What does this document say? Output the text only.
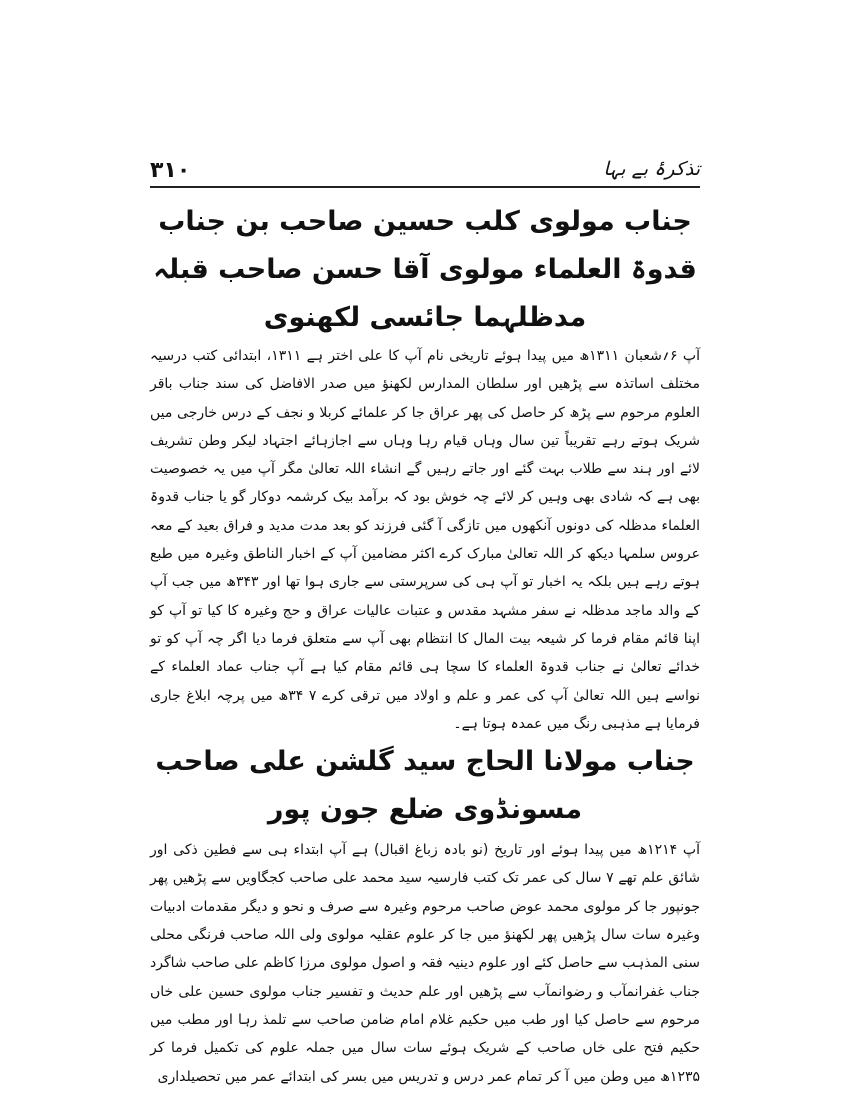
تذکرۂ بے بہا
۳۱۰
جناب مولوی کلب حسین صاحب بن جناب قدوۃ العلماء مولوی آقا حسن صاحب قبلہ مدظلہما جائسی لکھنوی

آپ ۶؍شعبان ۱۳۱۱ھ میں پیدا ہوئے تاریخی نام آپ کا علی اختر ہے ۱۳۱۱، ابتدائی کتب درسیہ مختلف اساتذہ سے پڑھیں اور سلطان المدارس لکھنؤ میں صدر الافاضل کی سند جناب باقر العلوم مرحوم سے پڑھ کر حاصل کی پھر عراق جا کر علمائے کربلا و نجف کے درس خارجی میں شریک ہوتے رہے تقریباً تین سال وہاں قیام رہا وہاں سے اجازہائے اجتہاد لیکر وطن تشریف لائے اور ہند سے طلاب بہت گئے اور جاتے رہیں گے انشاء اللہ تعالیٰ مگر آپ میں یہ خصوصیت بھی ہے کہ شادی بھی وہیں کر لائے چہ خوش بود کہ برآمد بیک کرشمہ دوکار گو یا جناب قدوۃ العلماء مدظلہ کی دونوں آنکھوں میں تازگی آ گئی فرزند کو بعد مدت مدید و فراق بعید کے معہ عروس سلمہا دیکھ کر اللہ تعالیٰ مبارک کرے اکثر مضامین آپ کے اخبار الناطق وغیرہ میں طبع ہوتے رہے ہیں بلکہ یہ اخبار تو آپ ہی کی سرپرستی سے جاری ہوا تھا اور ۳۴۳ھ میں جب آپ کے والد ماجد مدظلہ نے سفر مشہد مقدس و عتبات عالیات عراق و حج وغیرہ کا کیا تو آپ کو اپنا قائم مقام فرما کر شیعہ بیت المال کا انتظام بھی آپ سے متعلق فرما دیا اگر چہ آپ کو تو خدائے تعالیٰ نے جناب قدوۃ العلماء کا سچا ہی قائم مقام کیا ہے آپ جناب عماد العلماء کے نواسے ہیں اللہ تعالیٰ آپ کی عمر و علم و اولاد میں ترقی کرے ۷ ۳۴ھ میں پرچہ ابلاغ جاری فرمایا ہے مذہبی رنگ میں عمدہ ہوتا ہے۔

جناب مولانا الحاج سید گلشن علی صاحب مسونڈوی ضلع جون پور

آپ ۱۲۱۴ھ میں پیدا ہوئے اور تاریخ (نو بادہ زباغ اقبال) ہے آپ ابتداء ہی سے فطین ذکی اور شائق علم تھے ۷ سال کی عمر تک کتب فارسیہ سید محمد علی صاحب کجگاویں سے پڑھیں پھر جونپور جا کر مولوی محمد عوض صاحب مرحوم وغیرہ سے صرف و نحو و دیگر مقدمات ادبیات وغیرہ سات سال پڑھیں پھر لکھنؤ میں جا کر علوم عقلیہ مولوی ولی اللہ صاحب فرنگی محلی سنی المذہب سے حاصل کئے اور علوم دینیہ فقہ و اصول مولوی مرزا کاظم علی صاحب شاگرد جناب غفرانمآب و رضوانمآب سے پڑھیں اور علم حدیث و تفسیر جناب مولوی حسین علی خاں مرحوم سے حاصل کیا اور طب میں حکیم غلام امام ضامن صاحب سے تلمذ رہا اور مطب میں حکیم فتح علی خاں صاحب کے شریک ہوئے سات سال میں جملہ علوم کی تکمیل فرما کر ۱۲۳۵ھ میں وطن میں آ کر تمام عمر درس و تدریس میں بسر کی ابتدائے عمر میں تحصیلداری
